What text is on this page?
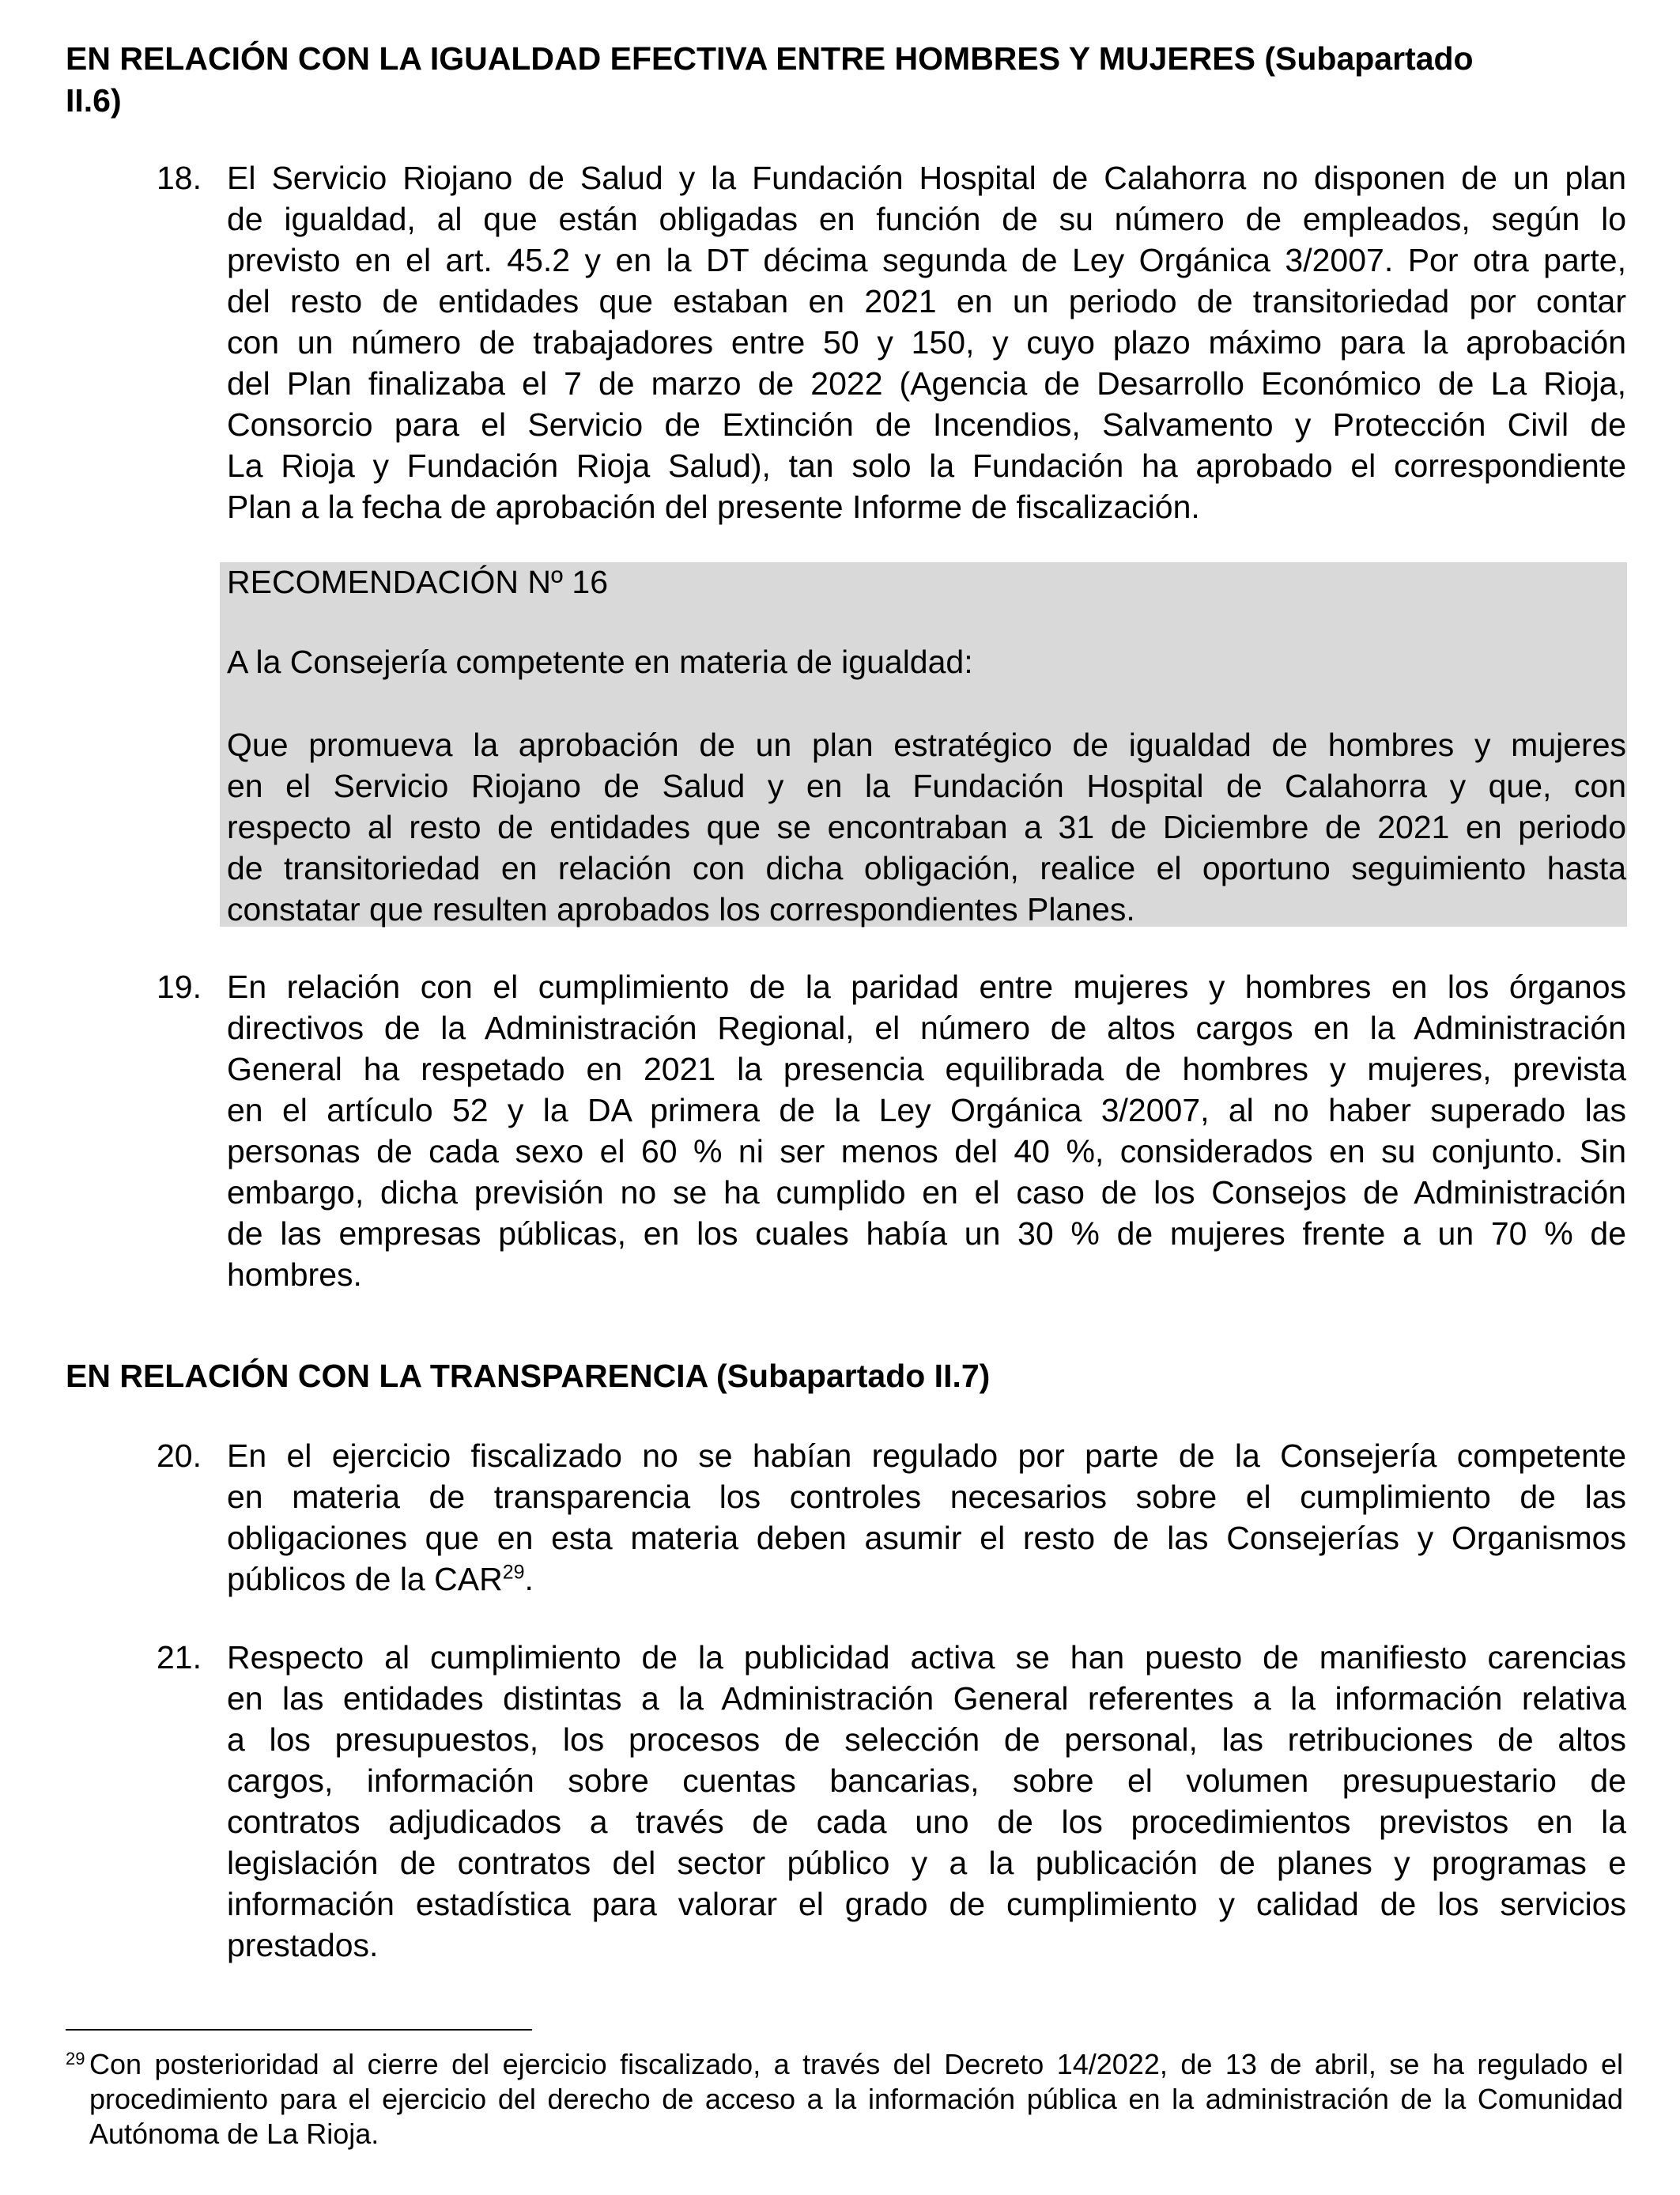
EN RELACIÓN CON LA IGUALDAD EFECTIVA ENTRE HOMBRES Y MUJERES (Subapartado
II.6)
18. El Servicio Riojano de Salud y la Fundación Hospital de Calahorra no disponen de un plan
de igualdad, al que están obligadas en función de su número de empleados, según lo
previsto en el art. 45.2 y en la DT décima segunda de Ley Orgánica 3/2007. Por otra parte,
del resto de entidades que estaban en 2021 en un periodo de transitoriedad por contar
con un número de trabajadores entre 50 y 150, y cuyo plazo máximo para la aprobación
del Plan finalizaba el 7 de marzo de 2022 (Agencia de Desarrollo Económico de La Rioja,
Consorcio para el Servicio de Extinción de Incendios, Salvamento y Protección Civil de
La Rioja y Fundación Rioja Salud), tan solo la Fundación ha aprobado el correspondiente
Plan a la fecha de aprobación del presente Informe de fiscalización.
RECOMENDACIÓN Nº 16
A la Consejería competente en materia de igualdad:
Que promueva la aprobación de un plan estratégico de igualdad de hombres y mujeres
en el Servicio Riojano de Salud y en la Fundación Hospital de Calahorra y que, con
respecto al resto de entidades que se encontraban a 31 de Diciembre de 2021 en periodo
de transitoriedad en relación con dicha obligación, realice el oportuno seguimiento hasta
constatar que resulten aprobados los correspondientes Planes.
19. En relación con el cumplimiento de la paridad entre mujeres y hombres en los órganos
directivos de la Administración Regional, el número de altos cargos en la Administración
General ha respetado en 2021 la presencia equilibrada de hombres y mujeres, prevista
en el artículo 52 y la DA primera de la Ley Orgánica 3/2007, al no haber superado las
personas de cada sexo el 60 % ni ser menos del 40 %, considerados en su conjunto. Sin
embargo, dicha previsión no se ha cumplido en el caso de los Consejos de Administración
de las empresas públicas, en los cuales había un 30 % de mujeres frente a un 70 % de
hombres.
EN RELACIÓN CON LA TRANSPARENCIA (Subapartado II.7)
20. En el ejercicio fiscalizado no se habían regulado por parte de la Consejería competente
en materia de transparencia los controles necesarios sobre el cumplimiento de las
obligaciones que en esta materia deben asumir el resto de las Consejerías y Organismos
públicos de la CAR$^{29}$.
21. Respecto al cumplimiento de la publicidad activa se han puesto de manifiesto carencias
en las entidades distintas a la Administración General referentes a la información relativa
a los presupuestos, los procesos de selección de personal, las retribuciones de altos
cargos, información sobre cuentas bancarias, sobre el volumen presupuestario de
contratos adjudicados a través de cada uno de los procedimientos previstos en la
legislación de contratos del sector público y a la publicación de planes y programas e
información estadística para valorar el grado de cumplimiento y calidad de los servicios
prestados.
29 Con posterioridad al cierre del ejercicio fiscalizado, a través del Decreto 14/2022, de 13 de abril, se ha regulado el
procedimiento para el ejercicio del derecho de acceso a la información pública en la administración de la Comunidad
Autónoma de La Rioja.
